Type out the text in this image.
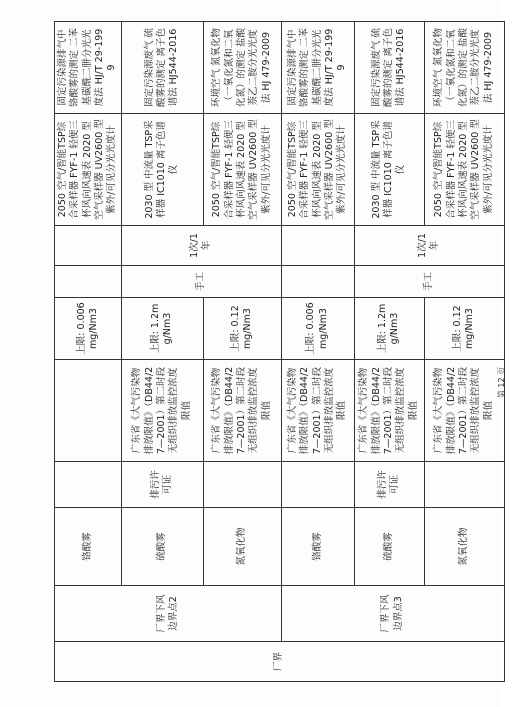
厂界	厂界下风边界点2	铬酸雾			上限: 0.006mg/Nm3			2050 空气/智能TSP综合采样器 FYF-1 轻便三杯风向风速表 2020 型 空气采样器 UV2600 型 紫外/可见分光光度计	固定污染源排气中铬酸雾的测定 二苯基碳酰二肼分光光度法 HJ/T 29-1999
		硫酸雾	排污许可证	广东省《大气污染物排放限值》（DB44/27—2001）第二时段无组织排放监控浓度限值	上限: 1.2mg/Nm3	手工	1次/1年	2030 型 中流量 TSP采样器 IC1010 离子色谱仪	固定污染源废气 硫酸雾的测定 离子色谱法 HJ544-2016
		氮氧化物		广东省《大气污染物排放限值》（DB44/27—2001）第二时段无组织排放监控浓度限值	上限: 0.12mg/Nm3			2050 空气/智能TSP综合采样器 FYF-1 轻便三杯风向风速表 2020 型 空气采样器 UV2600 型 紫外/可见分光光度计	环境空气 氮氧化物（一氧化氮和二氧化氮）的测定 盐酸萘乙二胺分光光度法 HJ 479-2009
	厂界下风边界点3	铬酸雾		广东省《大气污染物排放限值》（DB44/27—2001）第二时段无组织排放监控浓度限值	上限: 0.006mg/Nm3			2050 空气/智能TSP综合采样器 FYF-1 轻便三杯风向风速表 2020 型 空气采样器 UV2600 型 紫外/可见分光光度计	固定污染源排气中铬酸雾的测定 二苯基碳酰二肼分光光度法 HJ/T 29-1999
		硫酸雾	排污许可证	广东省《大气污染物排放限值》（DB44/27—2001）第二时段无组织排放监控浓度限值	上限: 1.2mg/Nm3	手工	1次/1年	2030 型 中流量 TSP采样器 IC1010 离子色谱仪	固定污染源废气 硫酸雾的测定 离子色谱法 HJ544-2016
		氮氧化物		广东省《大气污染物排放限值》（DB44/27—2001）第二时段无组织排放监控浓度限值	上限: 0.12mg/Nm3			2050 空气/智能TSP综合采样器 FYF-1 轻便三杯风向风速表 2020 型 空气采样器 UV2600 型 紫外/可见分光光度计	环境空气 氮氧化物（一氧化氮和二氧化氮）的测定 盐酸萘乙二胺分光光度法 HJ 479-2009
第 12 页
